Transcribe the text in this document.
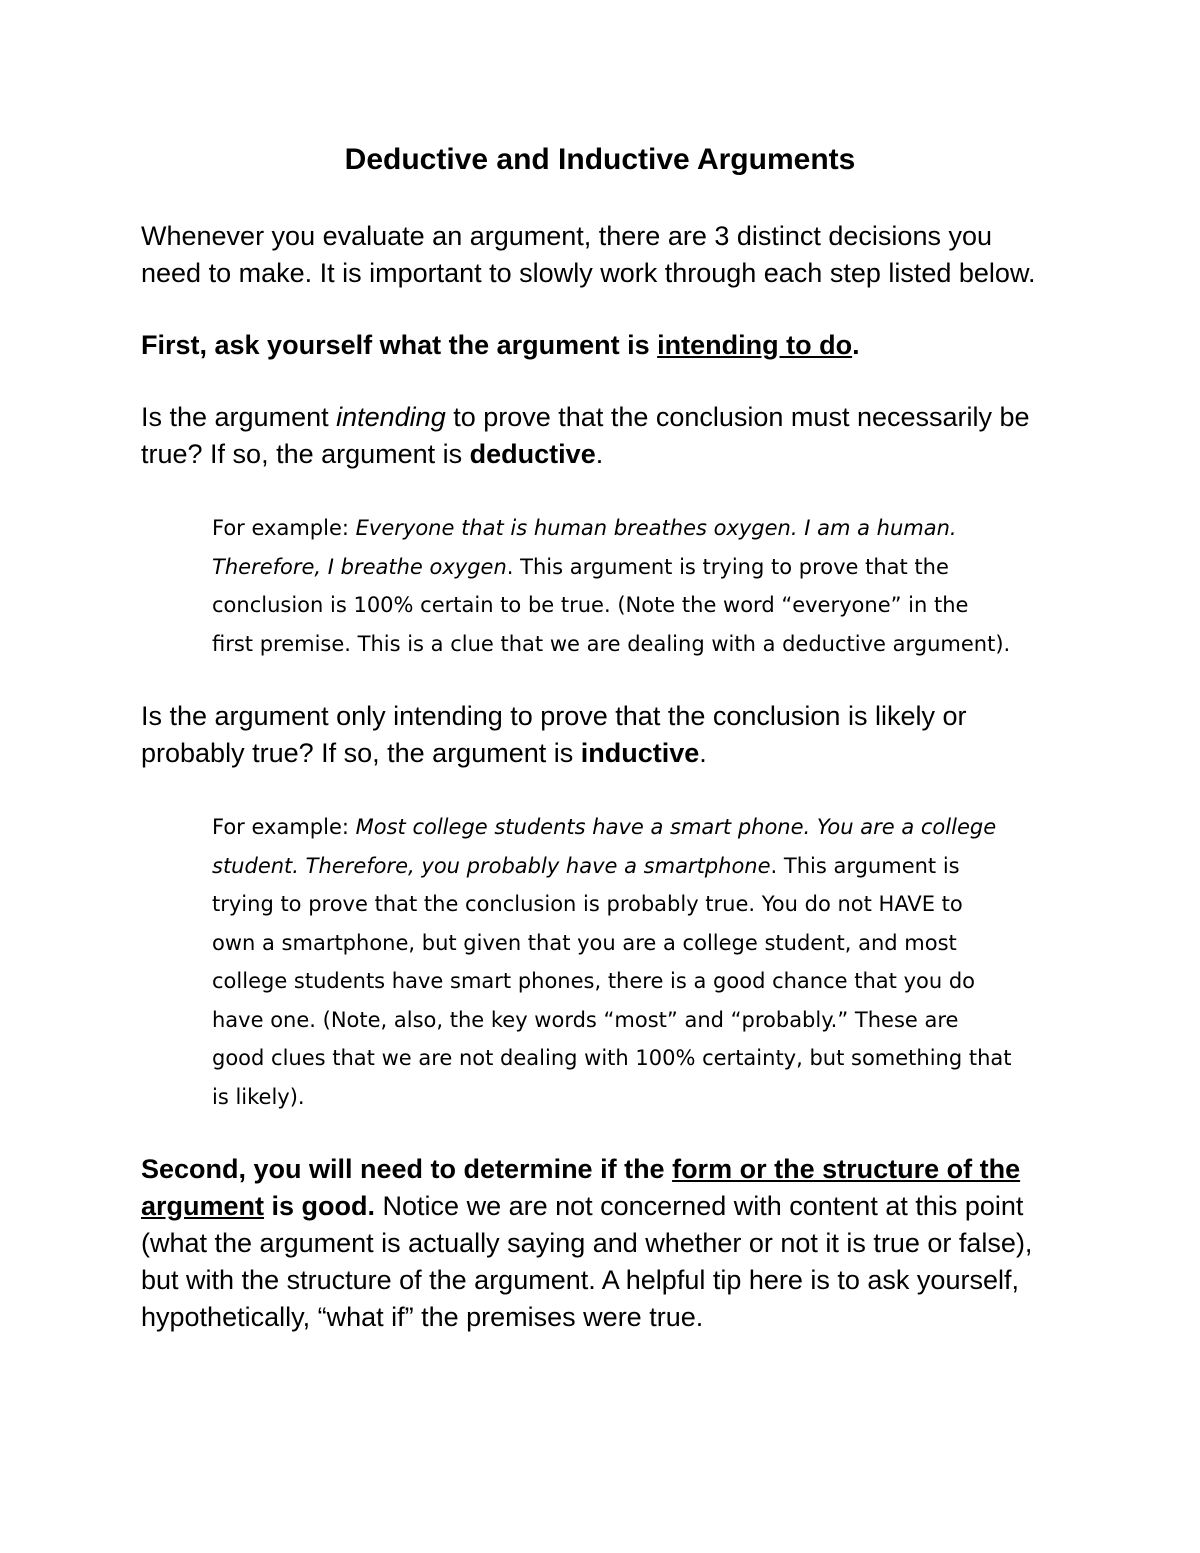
Deductive and Inductive Arguments

Whenever you evaluate an argument, there are 3 distinct decisions you
need to make. It is important to slowly work through each step listed below.

First, ask yourself what the argument is intending to do.

Is the argument intending to prove that the conclusion must necessarily be
true? If so, the argument is deductive.

For example: Everyone that is human breathes oxygen. I am a human.
Therefore, I breathe oxygen. This argument is trying to prove that the
conclusion is 100% certain to be true. (Note the word “everyone” in the
first premise. This is a clue that we are dealing with a deductive argument).

Is the argument only intending to prove that the conclusion is likely or
probably true? If so, the argument is inductive.

For example: Most college students have a smart phone. You are a college
student. Therefore, you probably have a smartphone. This argument is
trying to prove that the conclusion is probably true. You do not HAVE to
own a smartphone, but given that you are a college student, and most
college students have smart phones, there is a good chance that you do
have one. (Note, also, the key words “most” and “probably.” These are
good clues that we are not dealing with 100% certainty, but something that
is likely).

Second, you will need to determine if the form or the structure of the
argument is good. Notice we are not concerned with content at this point
(what the argument is actually saying and whether or not it is true or false),
but with the structure of the argument. A helpful tip here is to ask yourself,
hypothetically, “what if” the premises were true.
